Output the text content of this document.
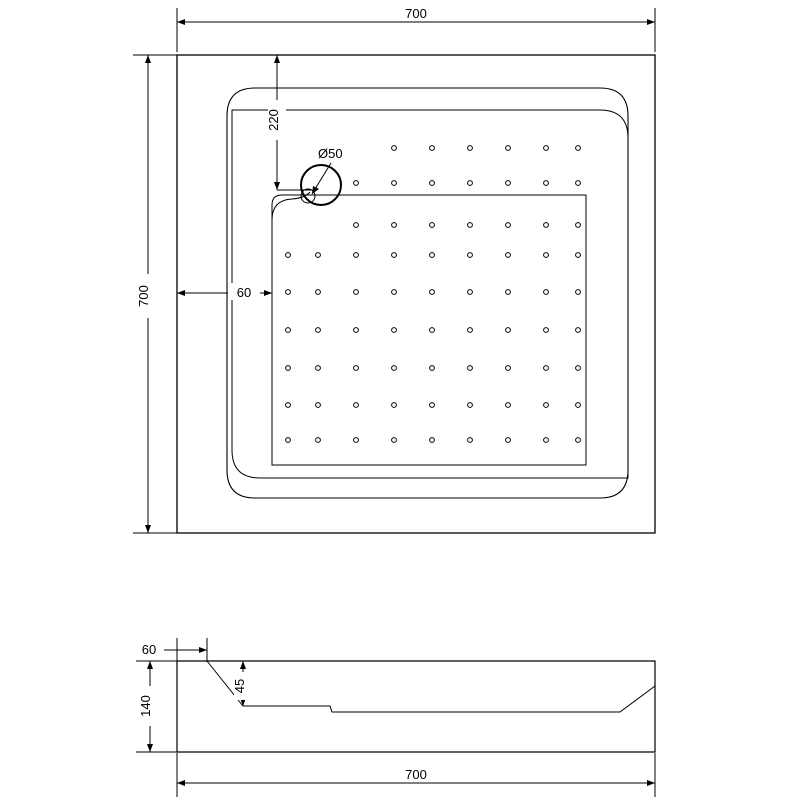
700
700
Ø50
220
60
60
45
140
700
